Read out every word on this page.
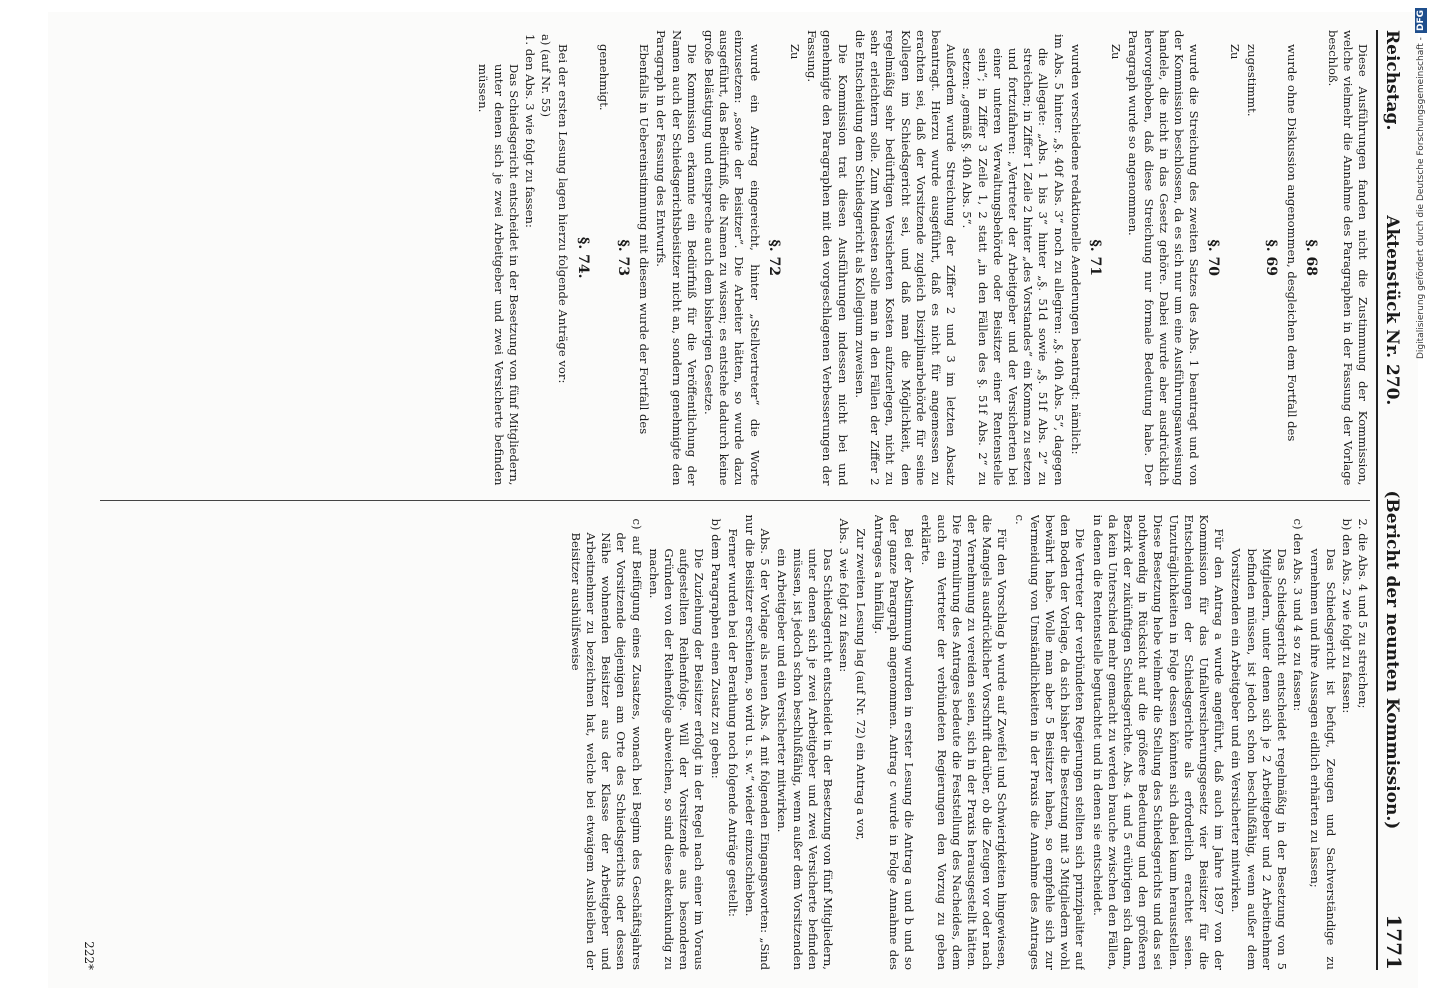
Reichstag.
Aktenstück Nr. 270.
(Bericht der neunten Kommission.)
1771

Diese Ausführungen fanden nicht die Zustimmung der Kommission, welche vielmehr die Annahme des Paragraphen in der Fassung der Vorlage beschloß.

§. 68

wurde ohne Diskussion angenommen, desgleichen dem Fortfall des

§. 69

zugestimmt.

Zu

§. 70

wurde die Streichung des zweiten Satzes des Abs. 1 beantragt und von der Kommission beschlossen, da es sich nur um eine Ausführungsanweisung handele, die nicht in das Gesetz gehöre. Dabei wurde aber ausdrücklich hervorgehoben, daß diese Streichung nur formale Bedeutung habe. Der Paragraph wurde so angenommen.

Zu

§. 71

wurden verschiedene redaktionelle Aenderungen beantragt: nämlich:

im Abs. 5 hinter: „§. 40f Abs. 3“ noch zu allegiren: „§. 40h Abs. 5“, dagegen die Allegate: „Abs. 1 bis 3“ hinter „§. 51d sowie „§. 51f Abs. 2“ zu streichen; in Ziffer 1 Zeile 2 hinter „des Vorstandes“ ein Komma zu setzen und fortzufahren: „Vertreter der Arbeitgeber und der Versicherten bei einer unteren Verwaltungsbehörde oder Beisitzer einer Rentenstelle sein“; in Ziffer 3 Zeile 1, 2 statt „in den Fällen des §. 51f Abs. 2“ zu setzen: „gemäß §. 40h Abs. 5“.

Außerdem wurde Streichung der Ziffer 2 und 3 im letzten Absatz beantragt. Hierzu wurde ausgeführt, daß es nicht für angemessen zu erachten sei, daß der Vorsitzende zugleich Disziplinarbehörde für seine Kollegen im Schiedsgericht sei, und daß man die Möglichkeit, den regelmäßig sehr bedürftigen Versicherten Kosten aufzuerlegen, nicht zu sehr erleichtern solle. Zum Mindesten solle man in den Fällen der Ziffer 2 die Entscheidung dem Schiedsgericht als Kollegium zuweisen.

Die Kommission trat diesen Ausführungen indessen nicht bei und genehmigte den Paragraphen mit den vorgeschlagenen Verbesserungen der Fassung.

Zu

§. 72

wurde ein Antrag eingereicht, hinter „Stellvertreter“ die Worte einzusetzen: „sowie der Beisitzer“. Die Arbeiter hätten, so wurde dazu ausgeführt, das Bedürfniß, die Namen zu wissen; es entstehe dadurch keine große Belästigung und entspreche auch dem bisherigen Gesetze.

Die Kommission erkannte ein Bedürfniß für die Veröffentlichung der Namen auch der Schiedsgerichtsbeisitzer nicht an, sondern genehmigte den Paragraph in der Fassung des Entwurfs.

Ebenfalls in Uebereinstimmung mit diesem wurde der Fortfall des

§. 73

genehmigt.

§. 74.

Bei der ersten Lesung lagen hierzu folgende Anträge vor:

a) (auf Nr. 55)

1. den Abs. 3 wie folgt zu fassen:

Das Schiedsgericht entscheidet in der Besetzung von fünf Mitgliedern, unter denen sich je zwei Arbeitgeber und zwei Versicherte befinden müssen.

2. die Abs. 4 und 5 zu streichen;

b) den Abs. 2 wie folgt zu fassen:

Das Schiedsgericht ist befugt, Zeugen und Sachverständige zu vernehmen und ihre Aussagen eidlich erhärten zu lassen;

c) den Abs. 3 und 4 so zu fassen:

Das Schiedsgericht entscheidet regelmäßig in der Besetzung von 5 Mitgliedern, unter denen sich je 2 Arbeitgeber und 2 Arbeitnehmer befinden müssen, ist jedoch schon beschlußfähig, wenn außer dem Vorsitzenden ein Arbeitgeber und ein Versicherter mitwirken.

Für den Antrag a wurde angeführt, daß auch im Jahre 1897 von der Kommission für das Unfallversicherungsgesetz vier Beisitzer für die Entscheidungen der Schiedsgerichte als erforderlich erachtet seien. Unzuträglichkeiten in Folge dessen könnten sich dabei kaum herausstellen. Diese Besetzung hebe vielmehr die Stellung des Schiedsgerichts und das sei nothwendig in Rücksicht auf die größere Bedeutung und den größeren Bezirk der zukünftigen Schiedsgerichte. Abs. 4 und 5 erübrigen sich dann, da kein Unterschied mehr gemacht zu werden brauche zwischen den Fällen, in denen die Rentenstelle begutachtet und in denen sie entscheidet.

Die Vertreter der verbündeten Regierungen stellten sich prinzipaliter auf den Boden der Vorlage, da sich bisher die Besetzung mit 3 Mitgliedern wohl bewährt habe. Wolle man aber 5 Beisitzer haben, so empfehle sich zur Vermeidung von Umständlichkeiten in der Praxis die Annahme des Antrages c.

Für den Vorschlag b wurde auf Zweifel und Schwierigkeiten hingewiesen, die Mangels ausdrücklicher Vorschrift darüber, ob die Zeugen vor oder nach der Vernehmung zu vereiden seien, sich in der Praxis herausgestellt hätten. Die Formulirung des Antrages bedeute die Feststellung des Nacheides, dem auch ein Vertreter der verbündeten Regierungen den Vorzug zu geben erklärte.

Bei der Abstimmung wurden in erster Lesung die Antrag a und b und so der ganze Paragraph angenommen. Antrag c wurde in Folge Annahme des Antrages a hinfällig.

Zur zweiten Lesung lag (auf Nr. 72) ein Antrag a vor,

Abs. 3 wie folgt zu fassen:

Das Schiedsgericht entscheidet in der Besetzung von fünf Mitgliedern, unter denen sich je zwei Arbeitgeber und zwei Versicherte befinden müssen, ist jedoch schon beschlußfähig, wenn außer dem Vorsitzenden ein Arbeitgeber und ein Versicherter mitwirken.

Abs. 5 der Vorlage als neuen Abs. 4 mit folgenden Eingangsworten: „Sind nur die Beisitzer erschienen, so wird u. s. w.“ wieder einzuschieben.

Ferner wurden bei der Berathung noch folgende Anträge gestellt:

b) dem Paragraphen einen Zusatz zu geben:

Die Zuziehung der Beisitzer erfolgt in der Regel nach einer im Voraus aufgestellten Reihenfolge. Will der Vorsitzende aus besonderen Gründen von der Reihenfolge abweichen, so sind diese aktenkundig zu machen.

c) auf Beifügung eines Zusatzes, wonach bei Beginn des Geschäftsjahres der Vorsitzende diejenigen am Orte des Schiedsgerichts oder dessen Nähe wohnenden Beisitzer aus der Klasse der Arbeitgeber und Arbeitnehmer zu bezeichnen hat, welche bei etwaigem Ausbleiben der Beisitzer aushülfsweise

222*
Digitalisierung gefördert durch die Deutsche Forschungsgemeinschaft -
DFG
